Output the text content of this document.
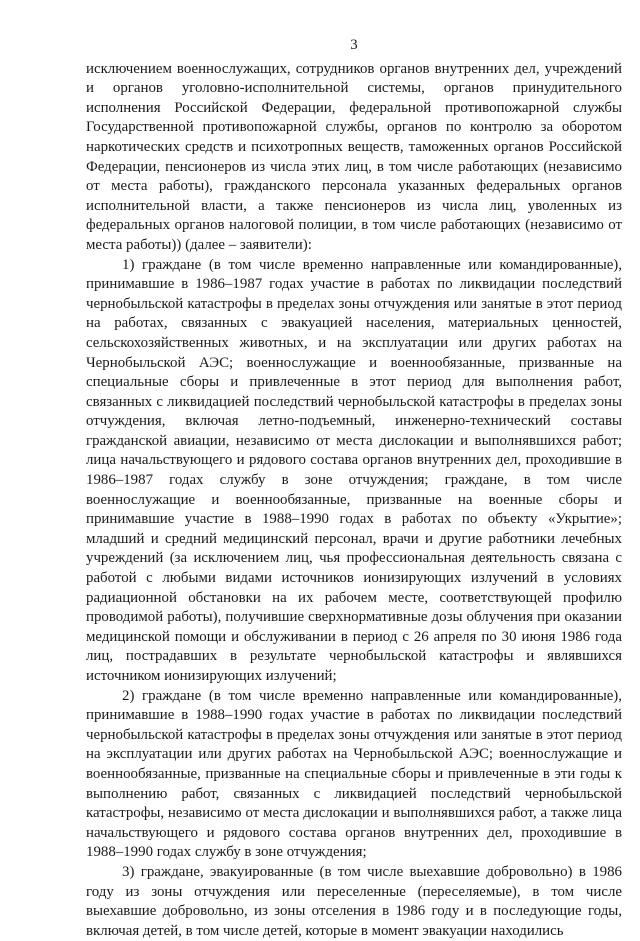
3

исключением военнослужащих, сотрудников органов внутренних дел, учреждений и органов уголовно-исполнительной системы, органов принудительного исполнения Российской Федерации, федеральной противопожарной службы Государственной противопожарной службы, органов по контролю за оборотом наркотических средств и психотропных веществ, таможенных органов Российской Федерации, пенсионеров из числа этих лиц, в том числе работающих (независимо от места работы), гражданского персонала указанных федеральных органов исполнительной власти, а также пенсионеров из числа лиц, уволенных из федеральных органов налоговой полиции, в том числе работающих (независимо от места работы)) (далее – заявители):

1) граждане (в том числе временно направленные или командированные), принимавшие в 1986–1987 годах участие в работах по ликвидации последствий чернобыльской катастрофы в пределах зоны отчуждения или занятые в этот период на работах, связанных с эвакуацией населения, материальных ценностей, сельскохозяйственных животных, и на эксплуатации или других работах на Чернобыльской АЭС; военнослужащие и военнообязанные, призванные на специальные сборы и привлеченные в этот период для выполнения работ, связанных с ликвидацией последствий чернобыльской катастрофы в пределах зоны отчуждения, включая летно-подъемный, инженерно-технический составы гражданской авиации, независимо от места дислокации и выполнявшихся работ; лица начальствующего и рядового состава органов внутренних дел, проходившие в 1986–1987 годах службу в зоне отчуждения; граждане, в том числе военнослужащие и военнообязанные, призванные на военные сборы и принимавшие участие в 1988–1990 годах в работах по объекту «Укрытие»; младший и средний медицинский персонал, врачи и другие работники лечебных учреждений (за исключением лиц, чья профессиональная деятельность связана с работой с любыми видами источников ионизирующих излучений в условиях радиационной обстановки на их рабочем месте, соответствующей профилю проводимой работы), получившие сверхнормативные дозы облучения при оказании медицинской помощи и обслуживании в период с 26 апреля по 30 июня 1986 года лиц, пострадавших в результате чернобыльской катастрофы и являвшихся источником ионизирующих излучений;

2) граждане (в том числе временно направленные или командированные), принимавшие в 1988–1990 годах участие в работах по ликвидации последствий чернобыльской катастрофы в пределах зоны отчуждения или занятые в этот период на эксплуатации или других работах на Чернобыльской АЭС; военнослужащие и военнообязанные, призванные на специальные сборы и привлеченные в эти годы к выполнению работ, связанных с ликвидацией последствий чернобыльской катастрофы, независимо от места дислокации и выполнявшихся работ, а также лица начальствующего и рядового состава органов внутренних дел, проходившие в 1988–1990 годах службу в зоне отчуждения;

3) граждане, эвакуированные (в том числе выехавшие добровольно) в 1986 году из зоны отчуждения или переселенные (переселяемые), в том числе выехавшие добровольно, из зоны отселения в 1986 году и в последующие годы, включая детей, в том числе детей, которые в момент эвакуации находились
